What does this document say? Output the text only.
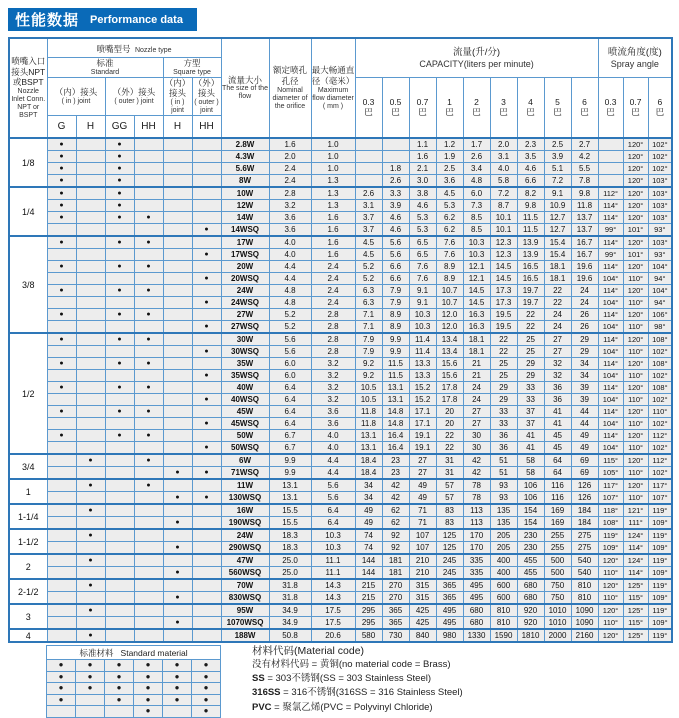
性能数据 Performance data
喷嘴入口接头NPT或BSPT
Nozzle Inlet Conn. NPT or BSPT	喷嘴型号 Nozzle type						流量大小
The size of the flow	额定喷孔孔径
Nominal diameter of the orifice	最大畅通直径（毫米）
Maximum flow diameter ( mm )	流量(升/分)
CAPACITY(liters per minute)									喷流角度(度)
Spray angle		

	标准
Standard				方型
Square type																

	（内）接头
( in ) joint		（外）接头
( outer ) joint		（内）接头
( in ) joint	（外）接头
( outer ) joint				0.3
巴	0.5
巴	0.7
巴	1
巴	2
巴	3
巴	4
巴	5
巴	6
巴	0.3
巴	0.7
巴	6
巴
	G	H	GG	HH	H	HH															
1/8	●		●				2.8W	1.6	1.0			1.1	1.2	1.7	2.0	2.3	2.5	2.7		120°	102°
	●		●				4.3W	2.0	1.0			1.6	1.9	2.6	3.1	3.5	3.9	4.2		120°	102°
	●		●				5.6W	2.4	1.0		1.8	2.1	2.5	3.4	4.0	4.6	5.1	5.5		120°	102°
	●		●				8W	2.4	1.3		2.6	3.0	3.6	4.8	5.8	6.6	7.2	7.8		120°	103°
1/4	●		●				10W	2.8	1.3	2.6	3.3	3.8	4.5	6.0	7.2	8.2	9.1	9.8	112°	120°	103°
	●		●				12W	3.2	1.3	3.1	3.9	4.6	5.3	7.3	8.7	9.8	10.9	11.8	114°	120°	103°
	●		●	●			14W	3.6	1.6	3.7	4.6	5.3	6.2	8.5	10.1	11.5	12.7	13.7	114°	120°	103°
						●	14WSQ	3.6	1.6	3.7	4.6	5.3	6.2	8.5	10.1	11.5	12.7	13.7	99°	101°	93°
3/8	●		●	●			17W	4.0	1.6	4.5	5.6	6.5	7.6	10.3	12.3	13.9	15.4	16.7	114°	120°	103°
						●	17WSQ	4.0	1.6	4.5	5.6	6.5	7.6	10.3	12.3	13.9	15.4	16.7	99°	101°	93°
	●		●	●			20W	4.4	2.4	5.2	6.6	7.6	8.9	12.1	14.5	16.5	18.1	19.6	114°	120°	104°
						●	20WSQ	4.4	2.4	5.2	6.6	7.6	8.9	12.1	14.5	16.5	18.1	19.6	104°	110°	94°
	●		●	●			24W	4.8	2.4	6.3	7.9	9.1	10.7	14.5	17.3	19.7	22	24	114°	120°	104°
						●	24WSQ	4.8	2.4	6.3	7.9	9.1	10.7	14.5	17.3	19.7	22	24	104°	110°	94°
	●		●	●			27W	5.2	2.8	7.1	8.9	10.3	12.0	16.3	19.5	22	24	26	114°	120°	106°
						●	27WSQ	5.2	2.8	7.1	8.9	10.3	12.0	16.3	19.5	22	24	26	104°	110°	98°
1/2	●		●	●			30W	5.6	2.8	7.9	9.9	11.4	13.4	18.1	22	25	27	29	114°	120°	108°
						●	30WSQ	5.6	2.8	7.9	9.9	11.4	13.4	18.1	22	25	27	29	104°	110°	102°
	●		●	●			35W	6.0	3.2	9.2	11.5	13.3	15.6	21	25	29	32	34	114°	120°	108°
						●	35WSQ	6.0	3.2	9.2	11.5	13.3	15.6	21	25	29	32	34	104°	110°	102°
	●		●	●			40W	6.4	3.2	10.5	13.1	15.2	17.8	24	29	33	36	39	114°	120°	108°
						●	40WSQ	6.4	3.2	10.5	13.1	15.2	17.8	24	29	33	36	39	104°	110°	102°
	●		●	●			45W	6.4	3.6	11.8	14.8	17.1	20	27	33	37	41	44	114°	120°	110°
						●	45WSQ	6.4	3.6	11.8	14.8	17.1	20	27	33	37	41	44	104°	110°	102°
	●		●	●			50W	6.7	4.0	13.1	16.4	19.1	22	30	36	41	45	49	114°	120°	112°
						●	50WSQ	6.7	4.0	13.1	16.4	19.1	22	30	36	41	45	49	104°	110°	102°
3/4		●		●			6W	9.9	4.4	18.4	23	27	31	42	51	58	64	69	115°	120°	112°
					●	●	71WSQ	9.9	4.4	18.4	23	27	31	42	51	58	64	69	105°	110°	102°
1		●		●			11W	13.1	5.6	34	42	49	57	78	93	106	116	126	117°	120°	117°
					●	●	130WSQ	13.1	5.6	34	42	49	57	78	93	106	116	126	107°	110°	107°
1-1/4		●					16W	15.5	6.4	49	62	71	83	113	135	154	169	184	118°	121°	119°
					●		190WSQ	15.5	6.4	49	62	71	83	113	135	154	169	184	108°	111°	109°
1-1/2		●					24W	18.3	10.3	74	92	107	125	170	205	230	255	275	119°	124°	119°
					●		290WSQ	18.3	10.3	74	92	107	125	170	205	230	255	275	109°	114°	109°
2		●					47W	25.0	11.1	144	181	210	245	335	400	455	500	540	120°	124°	119°
					●		560WSQ	25.0	11.1	144	181	210	245	335	400	455	500	540	110°	114°	109°
2-1/2		●					70W	31.8	14.3	215	270	315	365	495	600	680	750	810	120°	125°	119°
					●		830WSQ	31.8	14.3	215	270	315	365	495	600	680	750	810	110°	115°	109°
3		●					95W	34.9	17.5	295	365	425	495	680	810	920	1010	1090	120°	125°	119°
					●		1070WSQ	34.9	17.5	295	365	425	495	680	810	920	1010	1090	110°	115°	109°
4		●					188W	50.8	20.6	580	730	840	980	1330	1590	1810	2000	2160	120°	125°	119°
标准材料 Standard material					
●	●	●	●	●	●
●	●	●	●	●	●
●	●	●	●	●	●
●		●	●	●	●
			●		●
材料代码(Material code)
没有材料代码 = 黄铜(no material code = Brass)
SS = 303不锈钢(SS = 303 Stainless Steel)
316SS = 316不锈钢(316SS = 316 Stainless Steel)
PVC = 聚氯乙烯(PVC = Polyvinyl Chloride)
